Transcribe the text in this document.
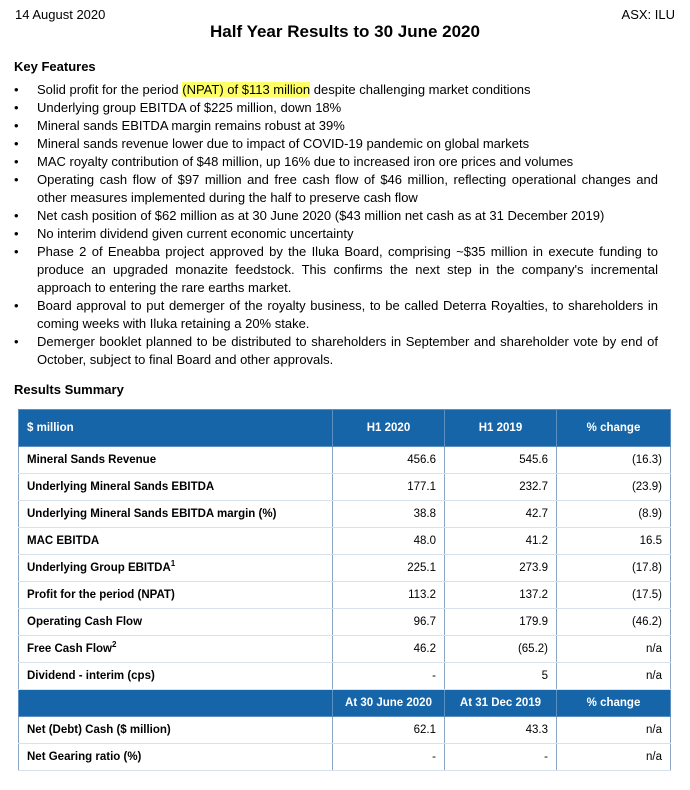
14 August 2020	ASX: ILU
Half Year Results to 30 June 2020
Key Features
• Solid profit for the period (NPAT) of $113 million despite challenging market conditions
• Underlying group EBITDA of $225 million, down 18%
• Mineral sands EBITDA margin remains robust at 39%
• Mineral sands revenue lower due to impact of COVID-19 pandemic on global markets
• MAC royalty contribution of $48 million, up 16% due to increased iron ore prices and volumes
• Operating cash flow of $97 million and free cash flow of $46 million, reflecting operational changes and other measures implemented during the half to preserve cash flow
• Net cash position of $62 million as at 30 June 2020 ($43 million net cash as at 31 December 2019)
• No interim dividend given current economic uncertainty
• Phase 2 of Eneabba project approved by the Iluka Board, comprising ~$35 million in execute funding to produce an upgraded monazite feedstock. This confirms the next step in the company's incremental approach to entering the rare earths market.
• Board approval to put demerger of the royalty business, to be called Deterra Royalties, to shareholders in coming weeks with Iluka retaining a 20% stake.
• Demerger booklet planned to be distributed to shareholders in September and shareholder vote by end of October, subject to final Board and other approvals.
Results Summary
$ million	H1 2020	H1 2019	% change
Mineral Sands Revenue	456.6	545.6	(16.3)
Underlying Mineral Sands EBITDA	177.1	232.7	(23.9)
Underlying Mineral Sands EBITDA margin (%)	38.8	42.7	(8.9)
MAC EBITDA	48.0	41.2	16.5
Underlying Group EBITDA$^1$	225.1	273.9	(17.8)
Profit for the period (NPAT)	113.2	137.2	(17.5)
Operating Cash Flow	96.7	179.9	(46.2)
Free Cash Flow$^2$	46.2	(65.2)	n/a
Dividend - interim (cps)	-	5	n/a
	At 30 June 2020	At 31 Dec 2019	% change
Net (Debt) Cash ($ million)	62.1	43.3	n/a
Net Gearing ratio (%)	-	-	n/a
